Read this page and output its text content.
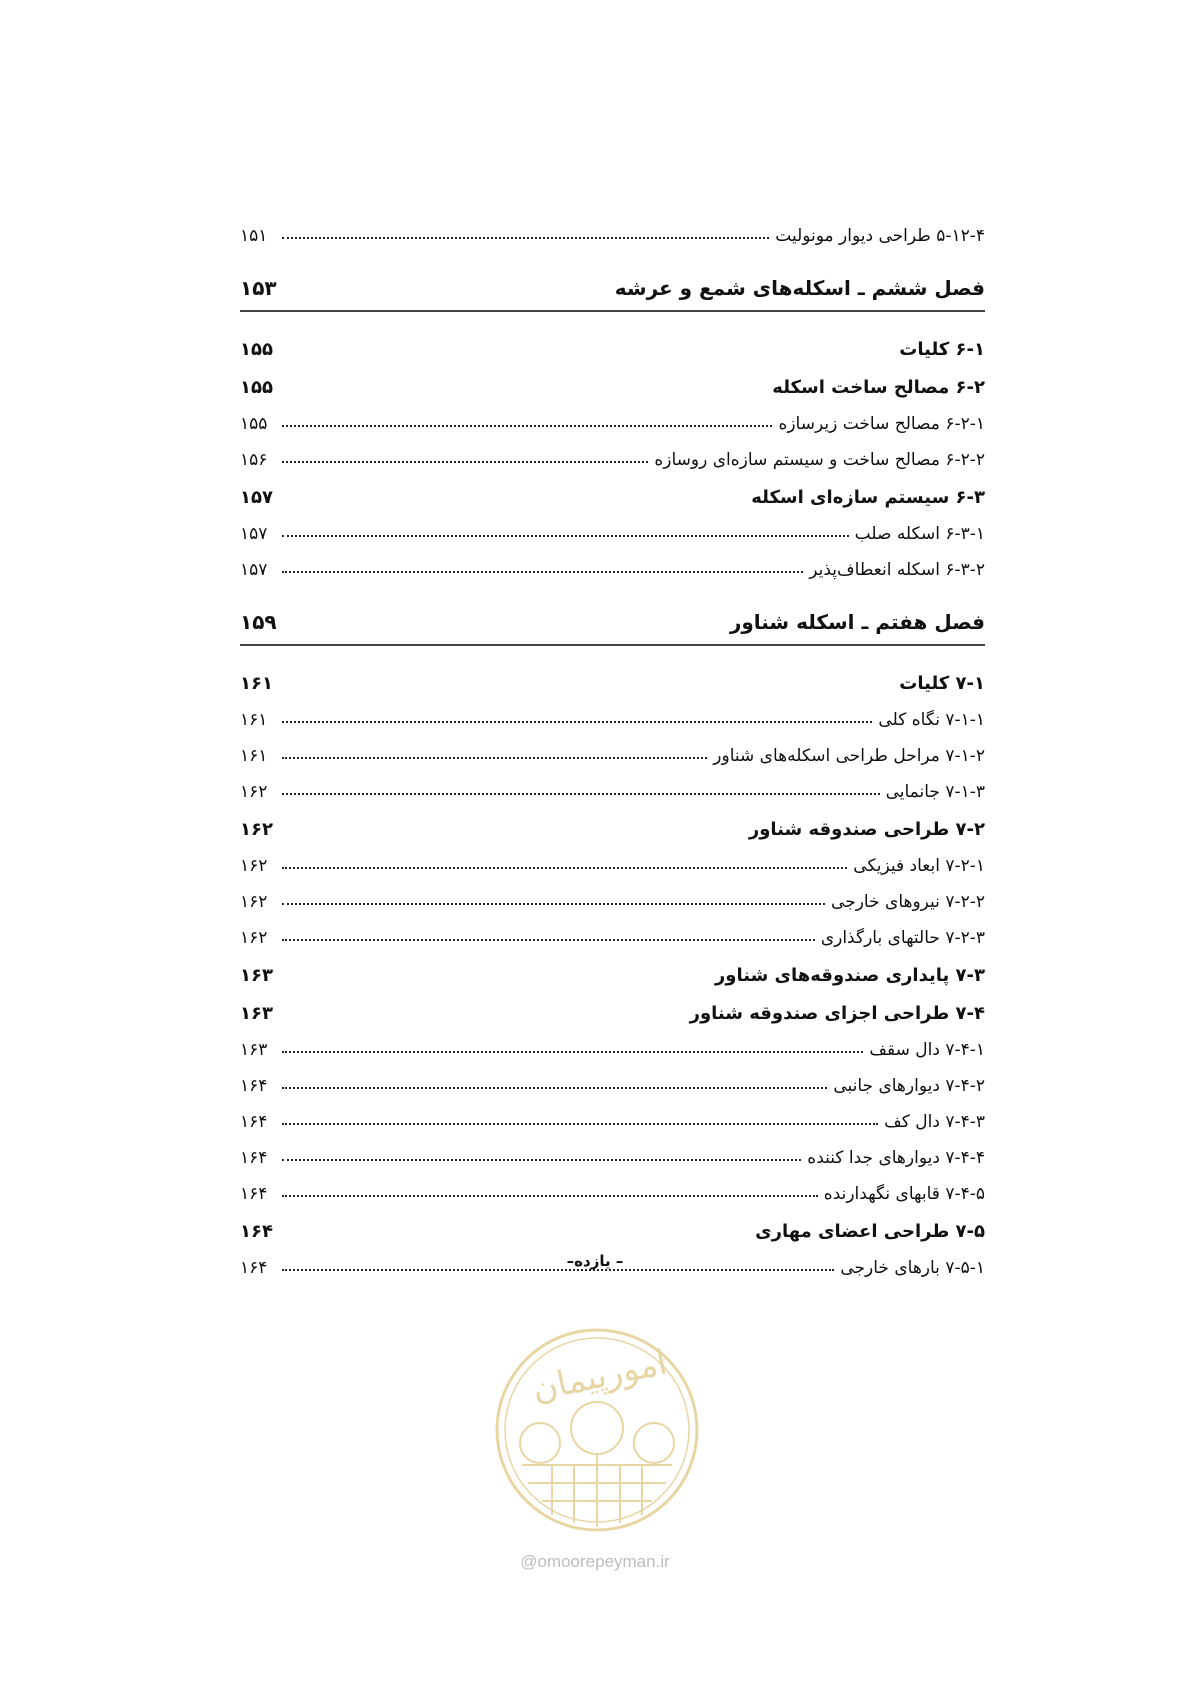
۵-۱۲-۴ طراحی دیوار مونولیت
۱۵۱
فصل ششم ـ اسکله‌های شمع و عرشه
۱۵۳
۶-۱ کلیات
۱۵۵
۶-۲ مصالح ساخت اسکله
۱۵۵
۶-۲-۱ مصالح ساخت زیرسازه
۱۵۵
۶-۲-۲ مصالح ساخت و سیستم سازه‌ای روسازه
۱۵۶
۶-۳ سیستم سازه‌ای اسکله
۱۵۷
۶-۳-۱ اسکله صلب
۱۵۷
۶-۳-۲ اسکله انعطاف‌پذیر
۱۵۷
فصل هفتم ـ اسکله شناور
۱۵۹
۷-۱ کلیات
۱۶۱
۷-۱-۱ نگاه کلی
۱۶۱
۷-۱-۲ مراحل طراحی اسکله‌های شناور
۱۶۱
۷-۱-۳ جانمایی
۱۶۲
۷-۲ طراحی صندوقه شناور
۱۶۲
۷-۲-۱ ابعاد فیزیکی
۱۶۲
۷-۲-۲ نیروهای خارجی
۱۶۲
۷-۲-۳ حالتهای بارگذاری
۱۶۲
۷-۳ پایداری صندوقه‌های شناور
۱۶۳
۷-۴ طراحی اجزای صندوقه شناور
۱۶۳
۷-۴-۱ دال سقف
۱۶۳
۷-۴-۲ دیوارهای جانبی
۱۶۴
۷-۴-۳ دال کف
۱۶۴
۷-۴-۴ دیوارهای جدا کننده
۱۶۴
۷-۴-۵ قابهای نگهدارنده
۱۶۴
۷-۵ طراحی اعضای مهاری
۱۶۴
۷-۵-۱ بارهای خارجی
۱۶۴	– یازده–
امورپیمان
@omoorepeyman.ir
